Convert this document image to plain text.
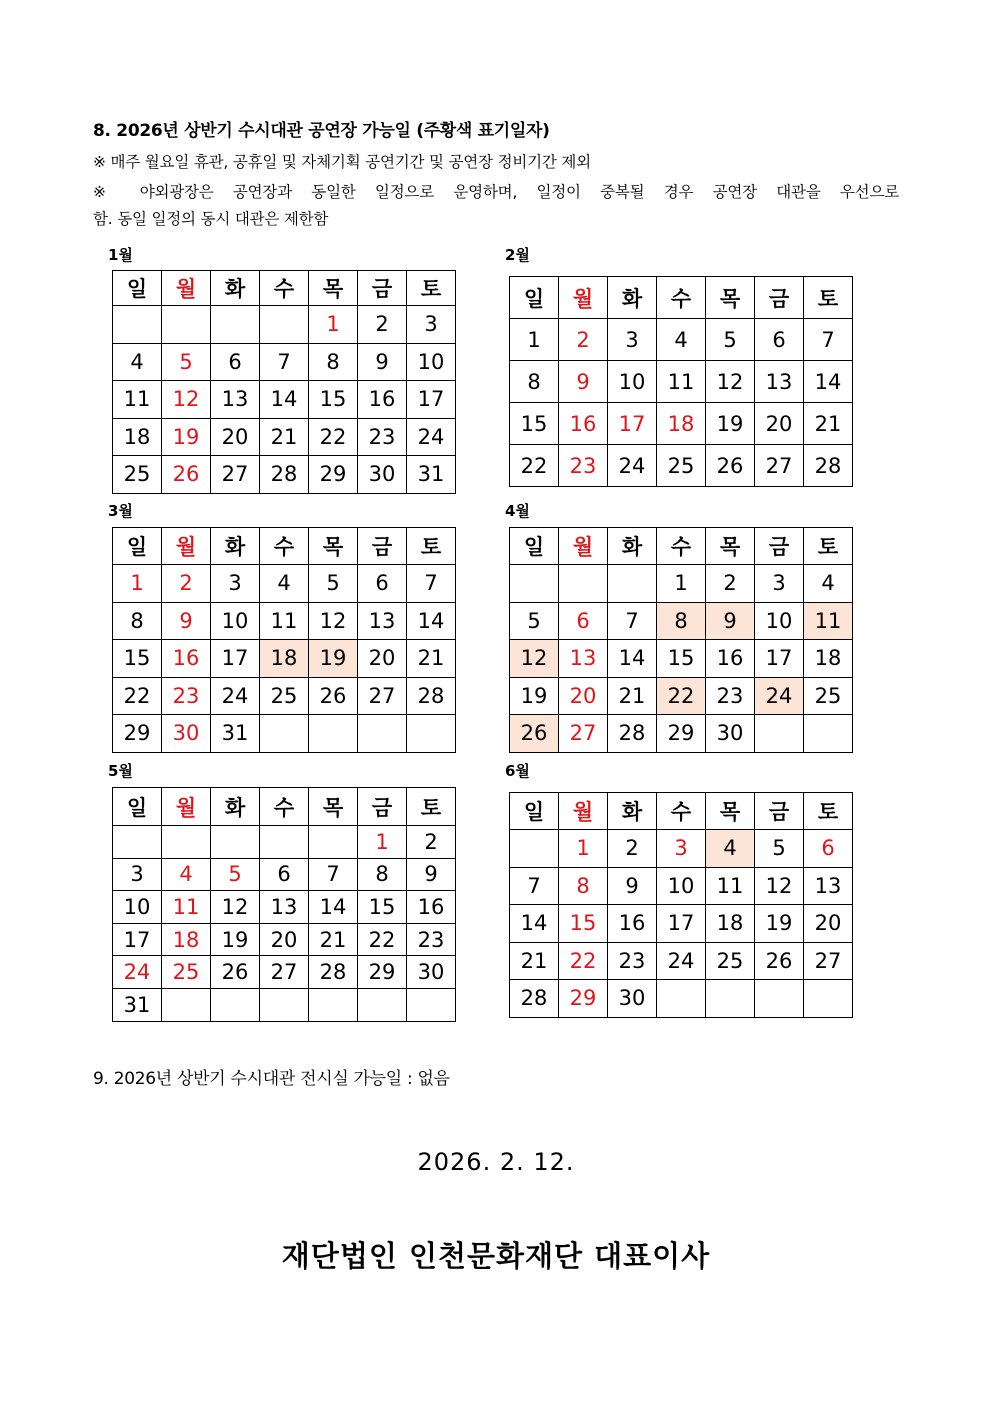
8. 2026년 상반기 수시대관 공연장 가능일 (주황색 표기일자)
※ 매주 월요일 휴관, 공휴일 및 자체기획 공연기간 및 공연장 정비기간 제외
※ 야외광장은 공연장과 동일한 일정으로 운영하며, 일정이 중복될 경우 공연장 대관을 우선으로
함. 동일 일정의 동시 대관은 제한함
1월
일	월	화	수	목	금	토
				1	2	3
4	5	6	7	8	9	10
11	12	13	14	15	16	17
18	19	20	21	22	23	24
25	26	27	28	29	30	31
2월
일	월	화	수	목	금	토
1	2	3	4	5	6	7
8	9	10	11	12	13	14
15	16	17	18	19	20	21
22	23	24	25	26	27	28
3월
일	월	화	수	목	금	토
1	2	3	4	5	6	7
8	9	10	11	12	13	14
15	16	17	18	19	20	21
22	23	24	25	26	27	28
29	30	31				
4월
일	월	화	수	목	금	토
			1	2	3	4
5	6	7	8	9	10	11
12	13	14	15	16	17	18
19	20	21	22	23	24	25
26	27	28	29	30		
5월
일	월	화	수	목	금	토
					1	2
3	4	5	6	7	8	9
10	11	12	13	14	15	16
17	18	19	20	21	22	23
24	25	26	27	28	29	30
31						
6월
일	월	화	수	목	금	토
	1	2	3	4	5	6
7	8	9	10	11	12	13
14	15	16	17	18	19	20
21	22	23	24	25	26	27
28	29	30				
9. 2026년 상반기 수시대관 전시실 가능일 : 없음
2026. 2. 12.
재단법인 인천문화재단 대표이사
